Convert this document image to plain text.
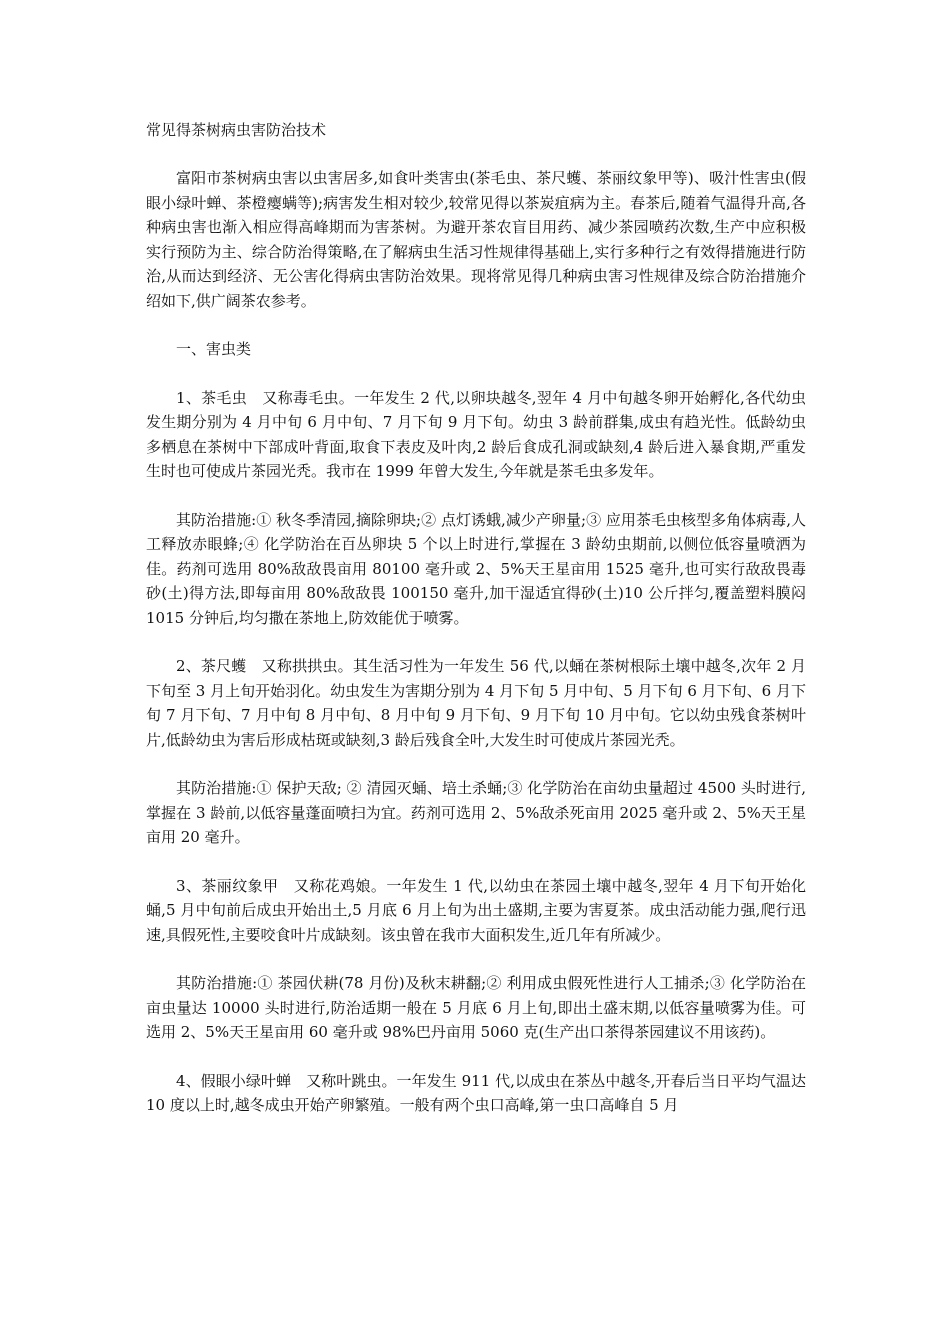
常见得茶树病虫害防治技术

富阳市茶树病虫害以虫害居多,如食叶类害虫(茶毛虫、茶尺蠖、茶丽纹象甲等)、吸汁性害虫(假眼小绿叶蝉、茶橙瘿螨等);病害发生相对较少,较常见得以茶炭疽病为主。春茶后,随着气温得升高,各种病虫害也渐入相应得高峰期而为害茶树。为避开茶农盲目用药、减少茶园喷药次数,生产中应积极实行预防为主、综合防治得策略,在了解病虫生活习性规律得基础上,实行多种行之有效得措施进行防治,从而达到经济、无公害化得病虫害防治效果。现将常见得几种病虫害习性规律及综合防治措施介绍如下,供广阔茶农参考。

一、害虫类

1、茶毛虫　又称毒毛虫。一年发生 2 代,以卵块越冬,翌年 4 月中旬越冬卵开始孵化,各代幼虫发生期分别为 4 月中旬 6 月中旬、7 月下旬 9 月下旬。幼虫 3 龄前群集,成虫有趋光性。低龄幼虫多栖息在茶树中下部成叶背面,取食下表皮及叶肉,2 龄后食成孔洞或缺刻,4 龄后进入暴食期,严重发生时也可使成片茶园光秃。我市在 1999 年曾大发生,今年就是茶毛虫多发年。

其防治措施:① 秋冬季清园,摘除卵块;② 点灯诱蛾,减少产卵量;③ 应用茶毛虫核型多角体病毒,人工释放赤眼蜂;④ 化学防治在百丛卵块 5 个以上时进行,掌握在 3 龄幼虫期前,以侧位低容量喷洒为佳。药剂可选用 80%敌敌畏亩用 80100 毫升或 2、5%天王星亩用 1525 毫升,也可实行敌敌畏毒砂(土)得方法,即每亩用 80%敌敌畏 100150 毫升,加干湿适宜得砂(土)10 公斤拌匀,覆盖塑料膜闷 1015 分钟后,均匀撒在茶地上,防效能优于喷雾。

2、茶尺蠖　又称拱拱虫。其生活习性为一年发生 56 代,以蛹在茶树根际土壤中越冬,次年 2 月下旬至 3 月上旬开始羽化。幼虫发生为害期分别为 4 月下旬 5 月中旬、5 月下旬 6 月下旬、6 月下旬 7 月下旬、7 月中旬 8 月中旬、8 月中旬 9 月下旬、9 月下旬 10 月中旬。它以幼虫残食茶树叶片,低龄幼虫为害后形成枯斑或缺刻,3 龄后残食全叶,大发生时可使成片茶园光秃。

其防治措施:① 保护天敌; ② 清园灭蛹、培土杀蛹;③ 化学防治在亩幼虫量超过 4500 头时进行,掌握在 3 龄前,以低容量蓬面喷扫为宜。药剂可选用 2、5%敌杀死亩用 2025 毫升或 2、5%天王星亩用 20 毫升。

3、茶丽纹象甲　又称花鸡娘。一年发生 1 代,以幼虫在茶园土壤中越冬,翌年 4 月下旬开始化蛹,5 月中旬前后成虫开始出土,5 月底 6 月上旬为出土盛期,主要为害夏茶。成虫活动能力强,爬行迅速,具假死性,主要咬食叶片成缺刻。该虫曾在我市大面积发生,近几年有所减少。

其防治措施:① 茶园伏耕(78 月份)及秋末耕翻;② 利用成虫假死性进行人工捕杀;③ 化学防治在亩虫量达 10000 头时进行,防治适期一般在 5 月底 6 月上旬,即出土盛末期,以低容量喷雾为佳。可选用 2、5%天王星亩用 60 毫升或 98%巴丹亩用 5060 克(生产出口茶得茶园建议不用该药)。

4、假眼小绿叶蝉　又称叶跳虫。一年发生 911 代,以成虫在茶丛中越冬,开春后当日平均气温达 10 度以上时,越冬成虫开始产卵繁殖。一般有两个虫口高峰,第一虫口高峰自 5 月
